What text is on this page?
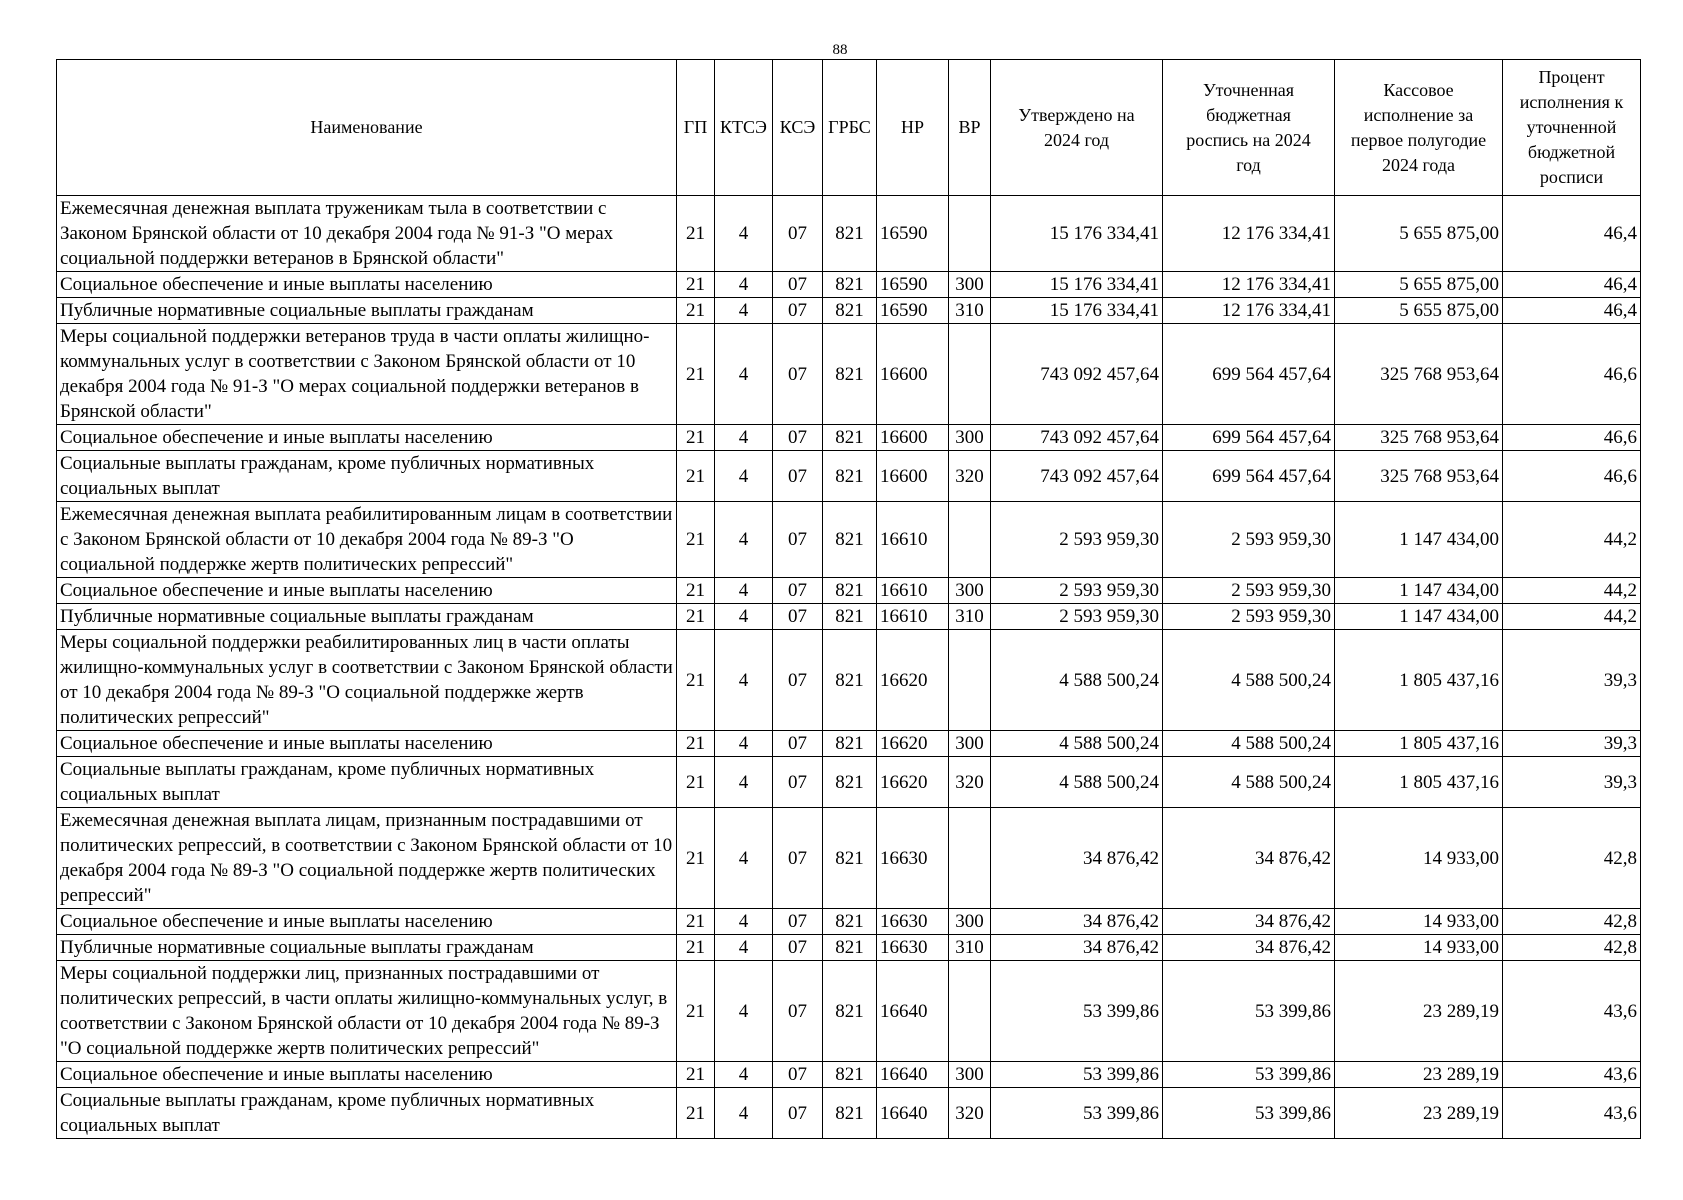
88
Наименование	ГП	КТСЭ	КСЭ	ГРБС	НР	ВР	Утверждено на 2024 год	Уточненная бюджетная роспись на 2024 год	Кассовое исполнение за первое полугодие 2024 года	Процент исполнения к уточненной бюджетной росписи
Ежемесячная денежная выплата труженикам тыла в соответствии с Законом Брянской области от 10 декабря 2004 года № 91-З "О мерах социальной поддержки ветеранов в Брянской области"	21	4	07	821	16590		15 176 334,41	12 176 334,41	5 655 875,00	46,4
Социальное обеспечение и иные выплаты населению	21	4	07	821	16590	300	15 176 334,41	12 176 334,41	5 655 875,00	46,4
Публичные нормативные социальные выплаты гражданам	21	4	07	821	16590	310	15 176 334,41	12 176 334,41	5 655 875,00	46,4
Меры социальной поддержки ветеранов труда в части оплаты жилищно-коммунальных услуг в соответствии с Законом Брянской области от 10 декабря 2004 года № 91-З "О мерах социальной поддержки ветеранов в Брянской области"	21	4	07	821	16600		743 092 457,64	699 564 457,64	325 768 953,64	46,6
Социальное обеспечение и иные выплаты населению	21	4	07	821	16600	300	743 092 457,64	699 564 457,64	325 768 953,64	46,6
Социальные выплаты гражданам, кроме публичных нормативных социальных выплат	21	4	07	821	16600	320	743 092 457,64	699 564 457,64	325 768 953,64	46,6
Ежемесячная денежная выплата реабилитированным лицам в соответствии с Законом Брянской области от 10 декабря 2004 года № 89-З "О социальной поддержке жертв политических репрессий"	21	4	07	821	16610		2 593 959,30	2 593 959,30	1 147 434,00	44,2
Социальное обеспечение и иные выплаты населению	21	4	07	821	16610	300	2 593 959,30	2 593 959,30	1 147 434,00	44,2
Публичные нормативные социальные выплаты гражданам	21	4	07	821	16610	310	2 593 959,30	2 593 959,30	1 147 434,00	44,2
Меры социальной поддержки реабилитированных лиц в части оплаты жилищно-коммунальных услуг в соответствии с Законом Брянской области от 10 декабря 2004 года № 89-З "О социальной поддержке жертв политических репрессий"	21	4	07	821	16620		4 588 500,24	4 588 500,24	1 805 437,16	39,3
Социальное обеспечение и иные выплаты населению	21	4	07	821	16620	300	4 588 500,24	4 588 500,24	1 805 437,16	39,3
Социальные выплаты гражданам, кроме публичных нормативных социальных выплат	21	4	07	821	16620	320	4 588 500,24	4 588 500,24	1 805 437,16	39,3
Ежемесячная денежная выплата лицам, признанным пострадавшими от политических репрессий, в соответствии с Законом Брянской области от 10 декабря 2004 года № 89-З "О социальной поддержке жертв политических репрессий"	21	4	07	821	16630		34 876,42	34 876,42	14 933,00	42,8
Социальное обеспечение и иные выплаты населению	21	4	07	821	16630	300	34 876,42	34 876,42	14 933,00	42,8
Публичные нормативные социальные выплаты гражданам	21	4	07	821	16630	310	34 876,42	34 876,42	14 933,00	42,8
Меры социальной поддержки лиц, признанных пострадавшими от политических репрессий, в части оплаты жилищно-коммунальных услуг, в соответствии с Законом Брянской области от 10 декабря 2004 года № 89-З "О социальной поддержке жертв политических репрессий"	21	4	07	821	16640		53 399,86	53 399,86	23 289,19	43,6
Социальное обеспечение и иные выплаты населению	21	4	07	821	16640	300	53 399,86	53 399,86	23 289,19	43,6
Социальные выплаты гражданам, кроме публичных нормативных социальных выплат	21	4	07	821	16640	320	53 399,86	53 399,86	23 289,19	43,6
